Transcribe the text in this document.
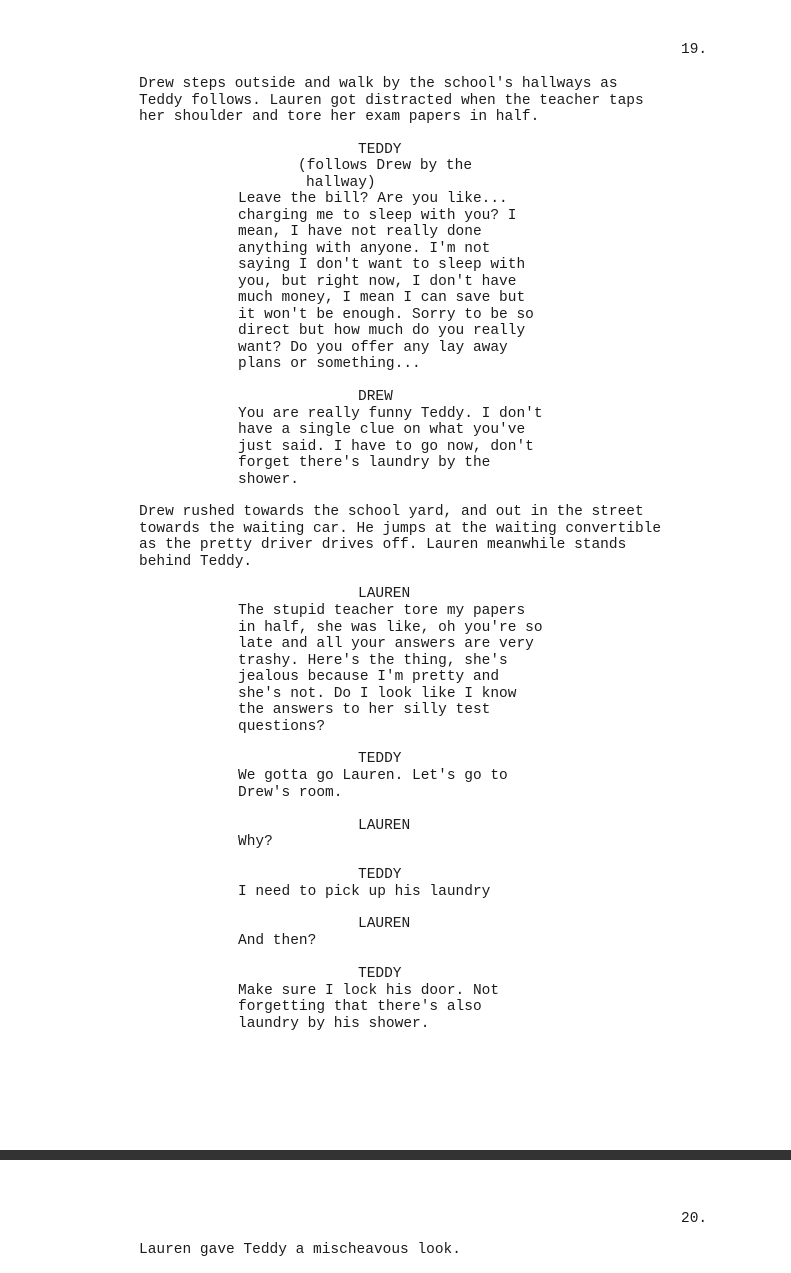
19.
Drew steps outside and walk by the school's hallways as
Teddy follows. Lauren got distracted when the teacher taps
her shoulder and tore her exam papers in half.
TEDDY
(follows Drew by the
hallway)
Leave the bill? Are you like...
charging me to sleep with you? I
mean, I have not really done
anything with anyone. I'm not
saying I don't want to sleep with
you, but right now, I don't have
much money, I mean I can save but
it won't be enough. Sorry to be so
direct but how much do you really
want? Do you offer any lay away
plans or something...
DREW
You are really funny Teddy. I don't
have a single clue on what you've
just said. I have to go now, don't
forget there's laundry by the
shower.
Drew rushed towards the school yard, and out in the street
towards the waiting car. He jumps at the waiting convertible
as the pretty driver drives off. Lauren meanwhile stands
behind Teddy.
LAUREN
The stupid teacher tore my papers
in half, she was like, oh you're so
late and all your answers are very
trashy. Here's the thing, she's
jealous because I'm pretty and
she's not. Do I look like I know
the answers to her silly test
questions?
TEDDY
We gotta go Lauren. Let's go to
Drew's room.
LAUREN
Why?
TEDDY
I need to pick up his laundry
LAUREN
And then?
TEDDY
Make sure I lock his door. Not
forgetting that there's also
laundry by his shower.
20.
Lauren gave Teddy a mischeavous look.
